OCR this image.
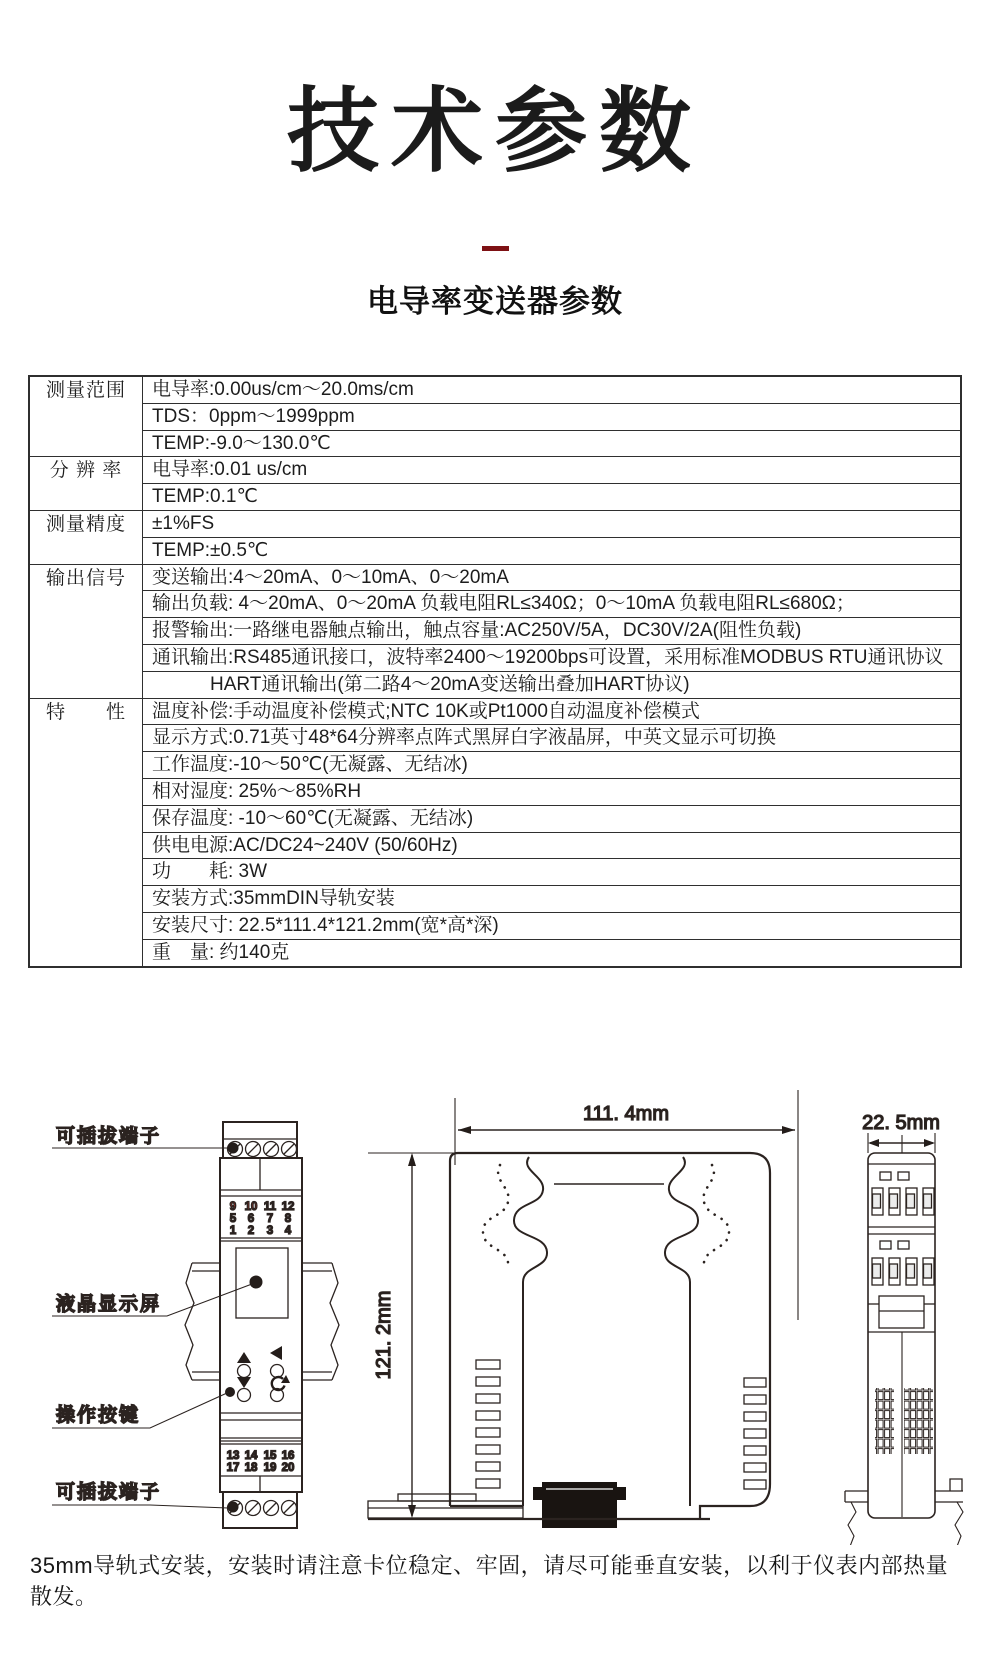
技术参数
电导率变送器参数
测量范围	电导率:0.00us/cm～20.0ms/cm
	TDS：0ppm～1999ppm
	TEMP:-9.0～130.0℃
分 辨 率	电导率:0.01 us/cm
	TEMP:0.1℃
测量精度	±1%FS
	TEMP:±0.5℃
输出信号	变送输出:4～20mA、0～10mA、0～20mA
	输出负载: 4～20mA、0～20mA 负载电阻RL≤340Ω；0～10mA 负载电阻RL≤680Ω；
	报警输出:一路继电器触点输出，触点容量:AC250V/5A，DC30V/2A(阻性负载)
	通讯输出:RS485通讯接口，波特率2400～19200bps可设置，采用标准MODBUS RTU通讯协议
	HART通讯输出(第二路4～20mA变送输出叠加HART协议)
特　　性	温度补偿:手动温度补偿模式;NTC 10K或Pt1000自动温度补偿模式
	显示方式:0.71英寸48*64分辨率点阵式黑屏白字液晶屏，中英文显示可切换
	工作温度:-10～50℃(无凝露、无结冰)
	相对湿度: 25%～85%RH
	保存温度: -10～60℃(无凝露、无结冰)
	供电电源:AC/DC24~240V (50/60Hz)
	功　　耗: 3W
	安装方式:35mmDIN导轨安装
	安装尺寸: 22.5*111.4*121.2mm(宽*高*深)
	重　量: 约140克
9 10 11 12
5 6 7 8
1 2 3 4
13 14 15 16
17 18 19 20
可插拔端子
液晶显示屏
操作按键
可插拔端子
111. 4mm
121. 2mm
22. 5mm
35mm导轨式安装，安装时请注意卡位稳定、牢固，请尽可能垂直安装，以利于仪表内部热量散发。
